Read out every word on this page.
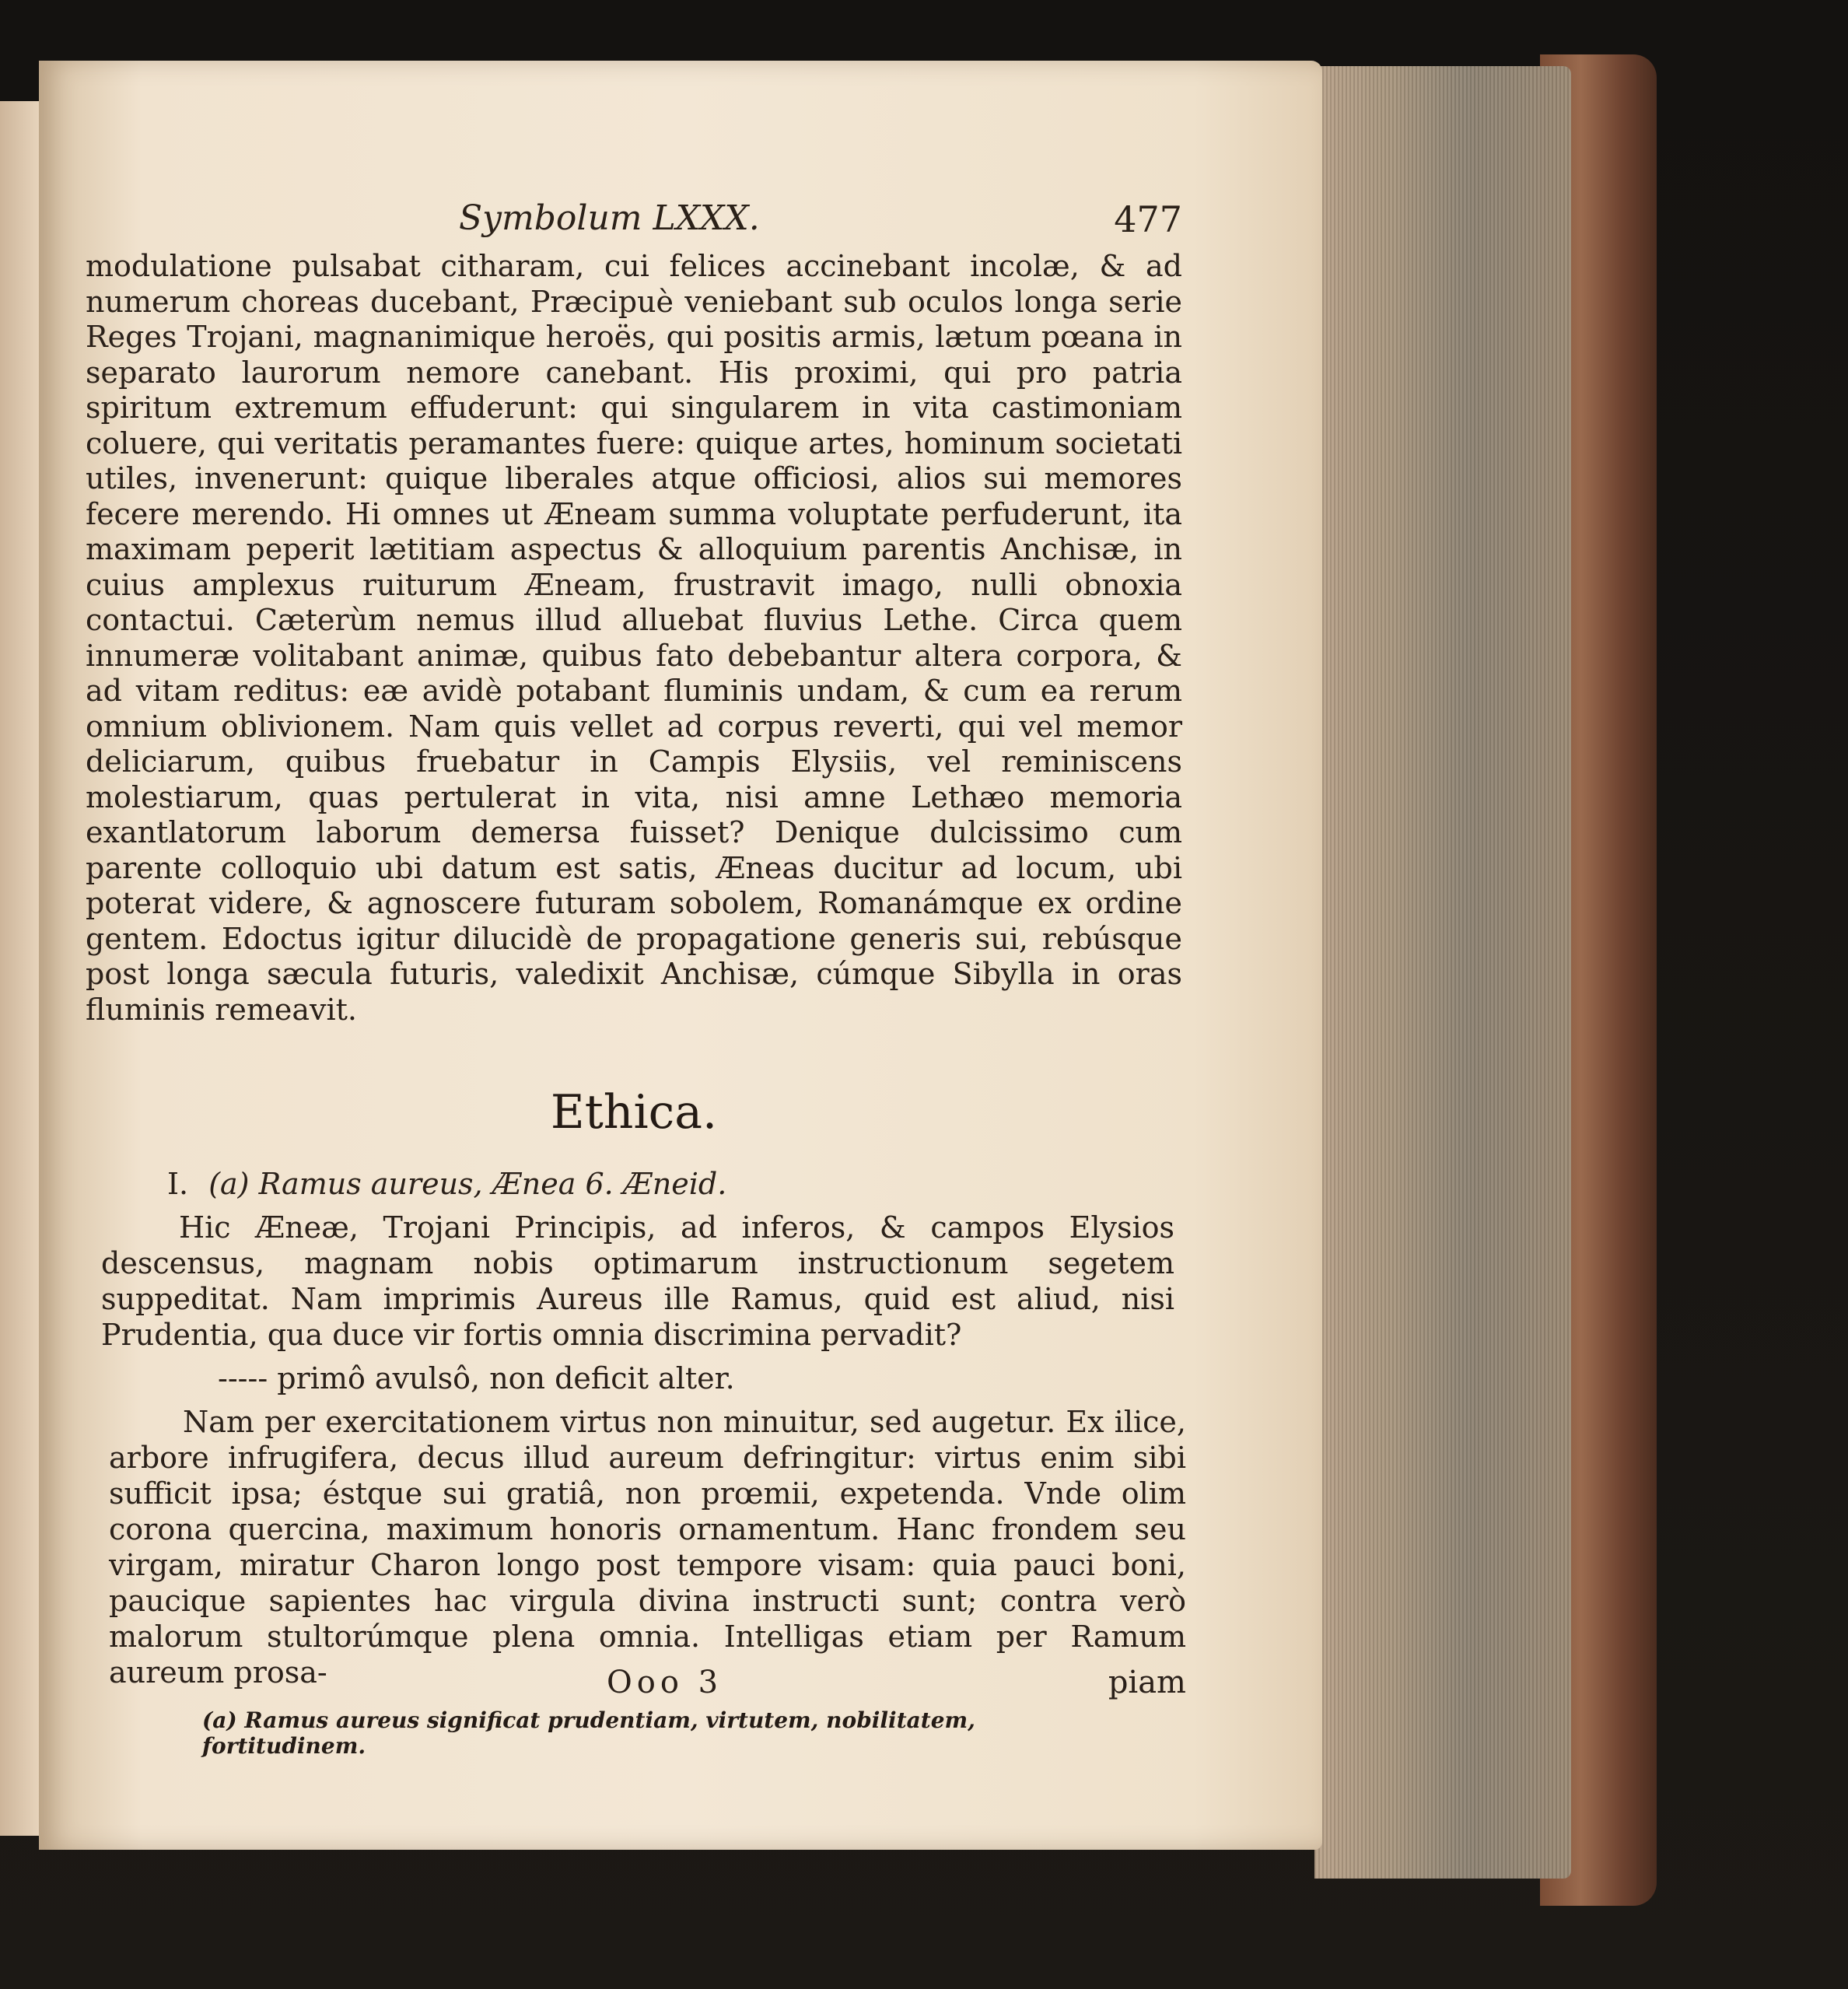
Symbolum LXXX.	477

modulatione pulsabat citharam, cui felices accinebant incolæ, & ad numerum choreas ducebant, Præcipuè veniebant sub oculos longa serie Reges Trojani, magnanimique heroës, qui positis armis, lætum pœana in separato laurorum nemore canebant. His proximi, qui pro patria spiritum extremum effuderunt: qui singularem in vita castimoniam coluere, qui veritatis peramantes fuere: quique artes, hominum societati utiles, invenerunt: quique liberales atque officiosi, alios sui memores fecere merendo. Hi omnes ut Æneam summa voluptate perfuderunt, ita maximam peperit lætitiam aspectus & alloquium parentis Anchisæ, in cuius amplexus ruiturum Æneam, frustravit imago, nulli obnoxia contactui. Cæterùm nemus illud alluebat fluvius Lethe. Circa quem innumeræ volitabant animæ, quibus fato debebantur altera corpora, & ad vitam reditus: eæ avidè potabant fluminis undam, & cum ea rerum omnium oblivionem. Nam quis vellet ad corpus reverti, qui vel memor deliciarum, quibus fruebatur in Campis Elysiis, vel reminiscens molestiarum, quas pertulerat in vita, nisi amne Lethæo memoria exantlatorum laborum demersa fuisset? Denique dulcissimo cum parente colloquio ubi datum est satis, Æneas ducitur ad locum, ubi poterat videre, & agnoscere futuram sobolem, Romanámque ex ordine gentem. Edoctus igitur dilucidè de propagatione generis sui, rebúsque post longa sæcula futuris, valedixit Anchisæ, cúmque Sibylla in oras fluminis remeavit.

Ethica.
I. (a) Ramus aureus, Ænea 6. Æneid.

Hic Æneæ, Trojani Principis, ad inferos, & campos Elysios descensus, magnam nobis optimarum instructionum segetem suppeditat. Nam imprimis Aureus ille Ramus, quid est aliud, nisi Prudentia, qua duce vir fortis omnia discrimina pervadit?

----- primô avulsô, non deficit alter.

Nam per exercitationem virtus non minuitur, sed augetur. Ex ilice, arbore infrugifera, decus illud aureum defringitur: virtus enim sibi sufficit ipsa; éstque sui gratiâ, non prœmii, expetenda. Vnde olim corona quercina, maximum honoris ornamentum. Hanc frondem seu virgam, miratur Charon longo post tempore visam: quia pauci boni, paucique sapientes hac virgula divina instructi sunt; contra verò malorum stultorúmque plena omnia. Intelligas etiam per Ramum aureum prosa-	Ooo 3	piam
(a) Ramus aureus significat prudentiam, virtutem, nobilitatem, fortitudinem.
